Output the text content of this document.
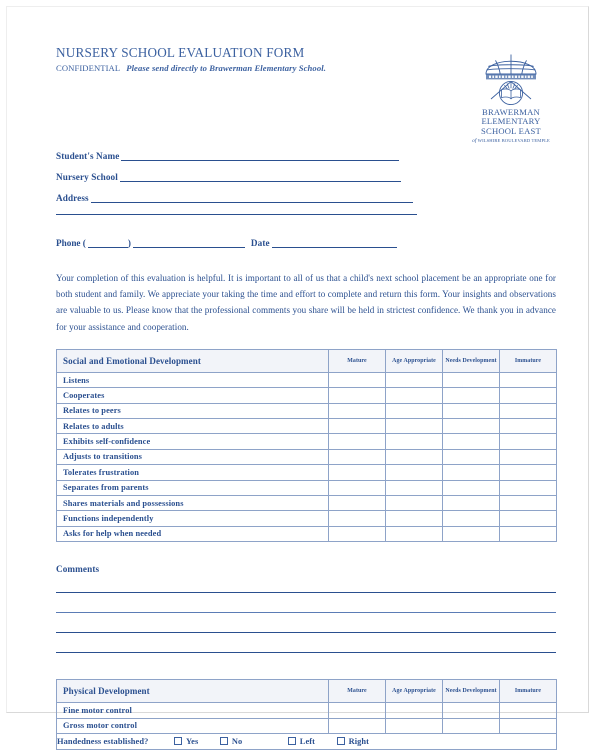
NURSERY SCHOOL EVALUATION FORM
CONFIDENTIAL Please send directly to Brawerman Elementary School.
BRAWERMAN
ELEMENTARY
SCHOOL EAST
of WILSHIRE BOULEVARD TEMPLE
Student's Name
Nursery School
Address
Phone (	)	Date
Your completion of this evaluation is helpful. It is important to all of us that a child's next school placement be an appropriate one for both student and family. We appreciate your taking the time and effort to complete and return this form. Your insights and observations are valuable to us. Please know that the professional comments you share will be held in strictest confidence. We thank you in advance for your assistance and cooperation.
Social and Emotional Development	Mature	Age Appropriate	Needs Development	Immature
Listens				
Cooperates				
Relates to peers				
Relates to adults				
Exhibits self-confidence				
Adjusts to transitions				
Tolerates frustration				
Separates from parents				
Shares materials and possessions				
Functions independently				
Asks for help when needed				
Comments
Physical Development	Mature	Age Appropriate	Needs Development	Immature
Fine motor control				
Gross motor control				
Handedness established? Yes No Left Right				
